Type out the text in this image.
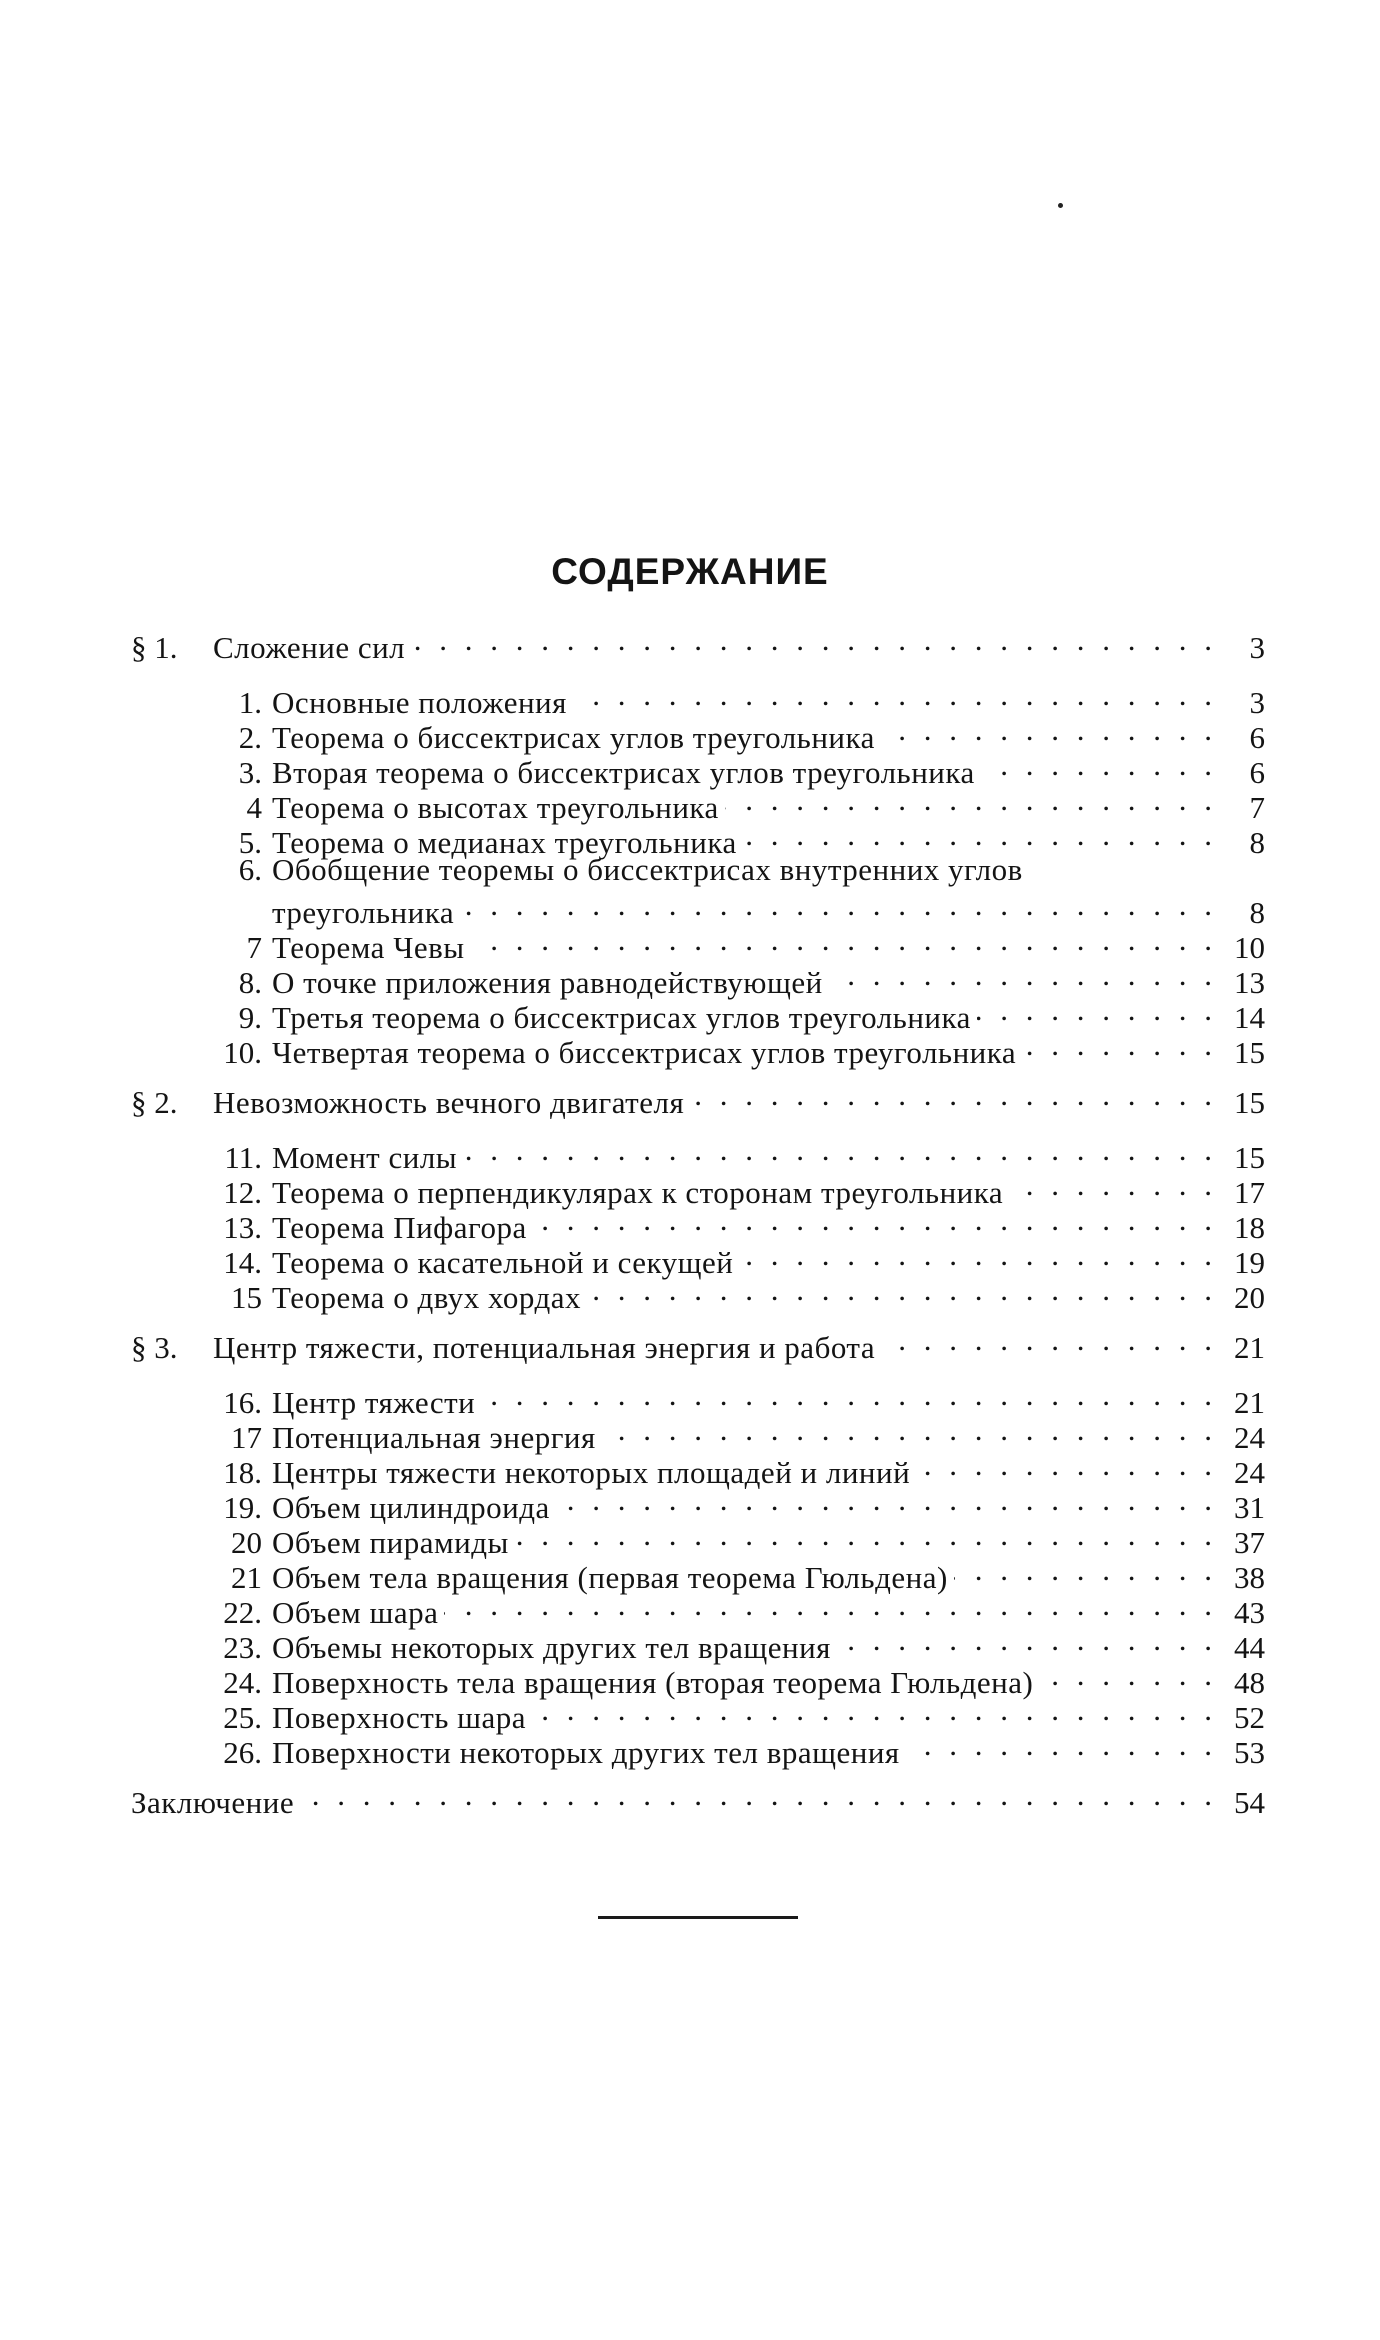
СОДЕРЖАНИЕ
§ 1.	Сложение сил . . .	3
1. Основные положения . . .	3
2. Теорема о биссектрисах углов треугольника . . .	6
3. Вторая теорема о биссектрисах углов треугольника . . .	6
4 Теорема о высотах треугольника . . .	7
5. Теорема о медианах треугольника . . .	8
6. Обобщение теоремы о биссектрисах внутренних углов
треугольника . . .	8
7 Теорема Чевы . . .	10
8. О точке приложения равнодействующей . . .	13
9. Третья теорема о биссектрисах углов треугольника . . .	14
10. Четвертая теорема о биссектрисах углов треугольника . . .	15
§ 2.	Невозможность вечного двигателя . . .	15
11. Момент силы . . .	15
12. Теорема о перпендикулярах к сторонам треугольника . . .	17
13. Теорема Пифагора . . .	18
14. Теорема о касательной и секущей . . .	19
15 Теорема о двух хордах . . .	20
§ 3.	Центр тяжести, потенциальная энергия и работа . . .	21
16. Центр тяжести . . .	21
17 Потенциальная энергия . . .	24
18. Центры тяжести некоторых площадей и линий . . .	24
19. Объем цилиндроида . . .	31
20 Объем пирамиды . . .	37
21 Объем тела вращения (первая теорема Гюльдена) . . .	38
22. Объем шара . . .	43
23. Объемы некоторых других тел вращения . . .	44
24. Поверхность тела вращения (вторая теорема Гюльдена) . . .	48
25. Поверхность шара . . .	52
26. Поверхности некоторых других тел вращения . . .	53
Заключение . . .	54
